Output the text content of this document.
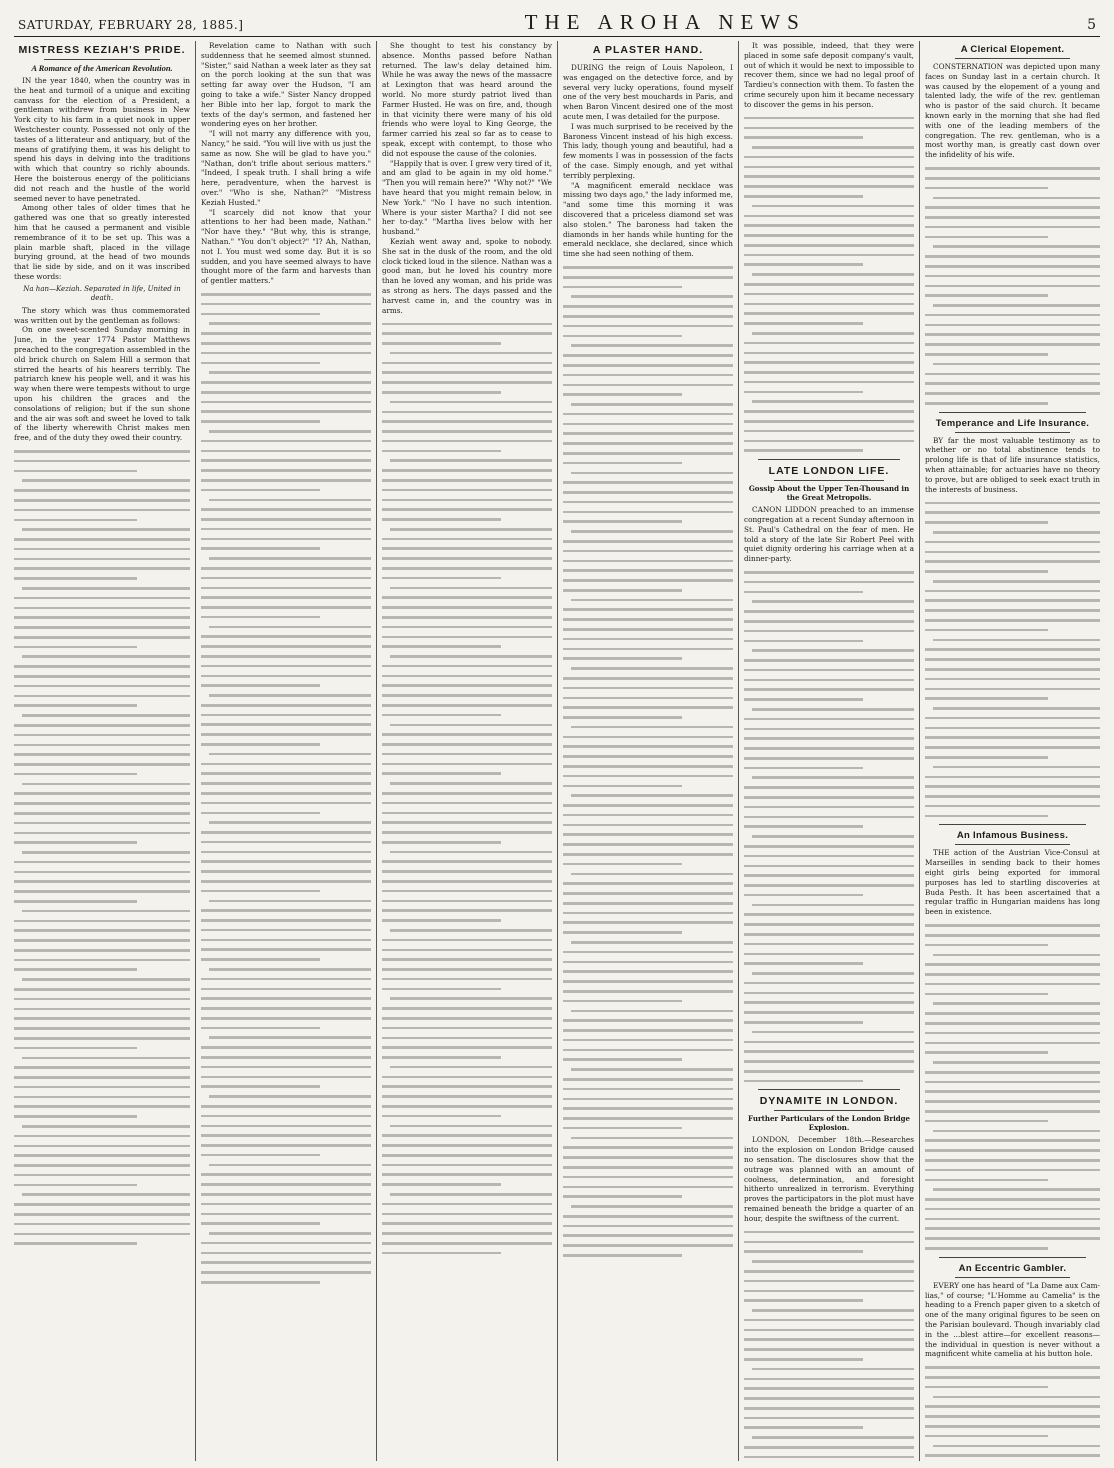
SATURDAY, FEBRUARY 28, 1885.]	THE AROHA NEWS	5
MISTRESS KEZIAH'S PRIDE.
A Romance of the American Revolution.

IN the year 1840, when the country was in the heat and turmoil of a unique and exciting canvass for the election of a President, a gentleman withdrew from business in New York city to his farm in a quiet nook in upper Westchester county. Possessed not only of the tastes of a litterateur and antiquary, but of the means of gratifying them, it was his delight to spend his days in delving into the traditions with which that country so richly abounds. Here the boisterous energy of the politicians did not reach and the hustle of the world seemed never to have penetrated.

Among other tales of older times that he gathered was one that so greatly interested him that he caused a permanent and visible remembrance of it to be set up. This was a plain marble shaft, placed in the village burying ground, at the head of two mounds that lie side by side, and on it was inscribed these words:

Na han—Keziah. Separated in life, United in death.

The story which was thus commemorated was written out by the gentleman as follows:

On one sweet-scented Sunday morning in June, in the year 1774 Pastor Matthews preached to the congregation assembled in the old brick church on Salem Hill a sermon that stirred the hearts of his hearers terribly. The patriarch knew his people well, and it was his way when there were tempests without to urge upon his children the graces and the consolations of religion; but if the sun shone and the air was soft and sweet he loved to talk of the liberty wherewith Christ makes men free, and of the duty they owed their country.

Revelation came to Nathan with such suddenness that he seemed almost stunned. "Sister," said Nathan a week later as they sat on the porch looking at the sun that was setting far away over the Hudson, "I am going to take a wife." Sister Nancy dropped her Bible into her lap, forgot to mark the texts of the day's sermon, and fastened her wondering eyes on her brother.

"I will not marry any difference with you, Nancy," he said. "You will live with us just the same as now. She will be glad to have you." "Nathan, don't trifle about serious matters." "Indeed, I speak truth. I shall bring a wife here, peradventure, when the harvest is over." "Who is she, Nathan?" "Mistress Keziah Husted."

"I scarcely did not know that your attentions to her had been made, Nathan." "Nor have they." "But why, this is strange, Nathan." "You don't object?" "I? Ah, Nathan, not I. You must wed some day. But it is so sudden, and you have seemed always to have thought more of the farm and harvests than of gentler matters."

She thought to test his constancy by absence. Months passed before Nathan returned. The law's delay detained him. While he was away the news of the massacre at Lexington that was heard around the world. No more sturdy patriot lived than Farmer Husted. He was on fire, and, though in that vicinity there were many of his old friends who were loyal to King George, the farmer carried his zeal so far as to cease to speak, except with contempt, to those who did not espouse the cause of the colonies.

"Happily that is over. I grew very tired of it, and am glad to be again in my old home." "Then you will remain here?" "Why not?" "We have heard that you might remain below, in New York." "No I have no such intention. Where is your sister Martha? I did not see her to-day." "Martha lives below with her husband."

Keziah went away and, spoke to nobody. She sat in the dusk of the room, and the old clock ticked loud in the silence. Nathan was a good man, but he loved his country more than he loved any woman, and his pride was as strong as hers. The days passed and the harvest came in, and the country was in arms.

A PLASTER HAND.

DURING the reign of Louis Napoleon, I was engaged on the detective force, and by several very lucky operations, found myself one of the very best mouchards in Paris, and when Baron Vincent desired one of the most acute men, I was detailed for the purpose.

I was much surprised to be received by the Baroness Vincent instead of his high excess. This lady, though young and beautiful, had a few moments I was in possession of the facts of the case. Simply enough, and yet withal terribly perplexing.

"A magnificent emerald necklace was missing two days ago," the lady informed me, "and some time this morning it was discovered that a priceless diamond set was also stolen." The baroness had taken the diamonds in her hands while hunting for the emerald necklace, she declared, since which time she had seen nothing of them.

It was possible, indeed, that they were placed in some safe deposit company's vault, out of which it would be next to impossible to recover them, since we had no legal proof of Tardieu's connection with them. To fasten the crime securely upon him it became necessary to discover the gems in his person.

LATE LONDON LIFE.

Gossip About the Upper Ten-Thousand in the Great Metropolis.

CANON LIDDON preached to an immense congregation at a recent Sunday afternoon in St. Paul's Cathedral on the fear of men. He told a story of the late Sir Robert Peel with quiet dignity ordering his carriage when at a dinner-party.

DYNAMITE IN LONDON.

Further Particulars of the London Bridge Explosion.

LONDON, December 18th.—Researches into the explosion on London Bridge caused no sensation. The disclosures show that the outrage was planned with an amount of coolness, determination, and foresight hitherto unrealized in terrorism. Everything proves the participators in the plot must have remained beneath the bridge a quarter of an hour, despite the swiftness of the current.

A Clerical Elopement.

CONSTERNATION was depicted upon many faces on Sunday last in a certain church. It was caused by the elopement of a young and talented lady, the wife of the rev. gentleman who is pastor of the said church. It became known early in the morning that she had fled with one of the leading members of the congregation. The rev. gentleman, who is a most worthy man, is greatly cast down over the infidelity of his wife.

Temperance and Life Insurance.

BY far the most valuable testimony as to whether or no total abstinence tends to prolong life is that of life insurance statistics, when attainable; for actuaries have no theory to prove, but are obliged to seek exact truth in the interests of business.

An Infamous Business.

THE action of the Austrian Vice-Consul at Marseilles in sending back to their homes eight girls being exported for immoral purposes has led to startling discoveries at Buda Pesth. It has been ascertained that a regular traffic in Hungarian maidens has long been in existence.

An Eccentric Gambler.

EVERY one has heard of "La Dame aux Cam-lias," of course; "L'Homme au Camelia" is the heading to a French paper given to a sketch of one of the many original figures to be seen on the Parisian boulevard. Though invariably clad in the ...blest attire—for excellent reasons—the individual in question is never without a magnificent white camelia at his button hole.
